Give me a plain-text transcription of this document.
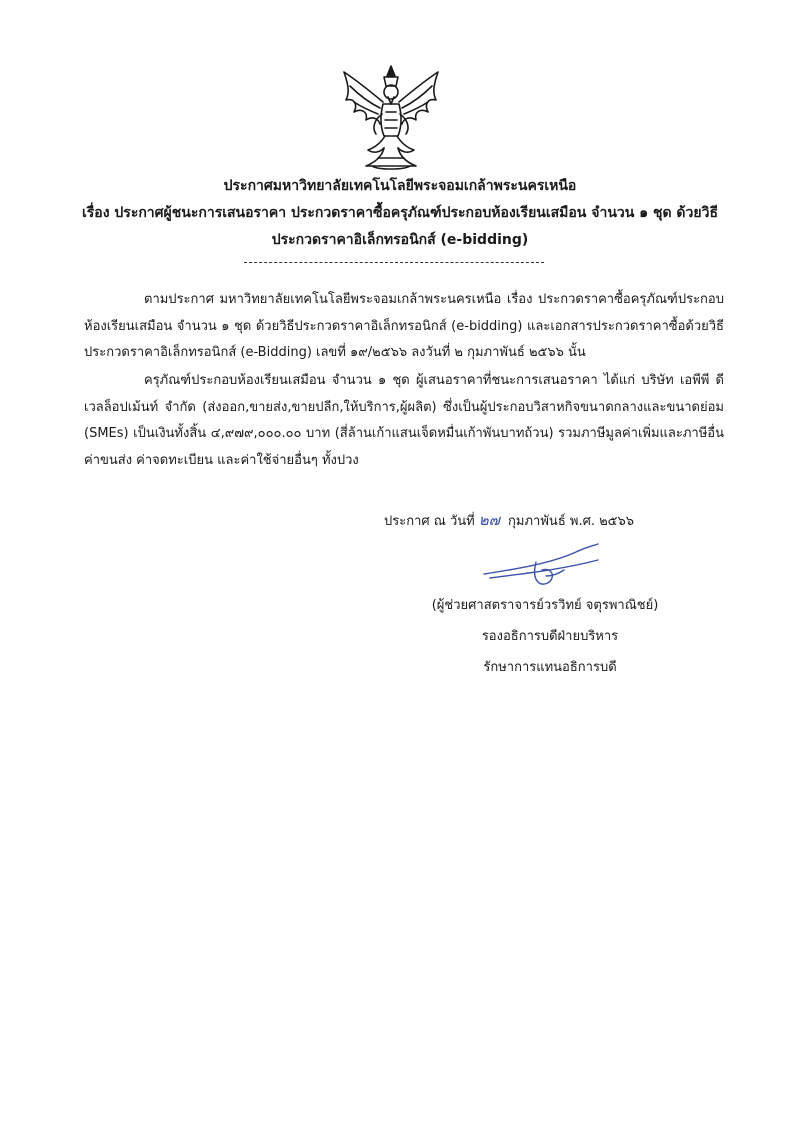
ประกาศมหาวิทยาลัยเทคโนโลยีพระจอมเกล้าพระนครเหนือ
เรื่อง ประกาศผู้ชนะการเสนอราคา ประกวดราคาซื้อครุภัณฑ์ประกอบห้องเรียนเสมือน จำนวน ๑ ชุด ด้วยวิธี
ประกวดราคาอิเล็กทรอนิกส์ (e-bidding)
ตามประกาศ มหาวิทยาลัยเทคโนโลยีพระจอมเกล้าพระนครเหนือ เรื่อง ประกวดราคาซื้อครุภัณฑ์ประกอบห้องเรียนเสมือน จำนวน ๑ ชุด ด้วยวิธีประกวดราคาอิเล็กทรอนิกส์ (e-bidding) และเอกสารประกวดราคาซื้อด้วยวิธีประกวดราคาอิเล็กทรอนิกส์ (e-Bidding) เลขที่ ๑๙/๒๕๖๖ ลงวันที่ ๒ กุมภาพันธ์ ๒๕๖๖ นั้น
ครุภัณฑ์ประกอบห้องเรียนเสมือน จำนวน ๑ ชุด ผู้เสนอราคาที่ชนะการเสนอราคา ได้แก่ บริษัท เอพีพี ดีเวลล็อปเม้นท์ จำกัด (ส่งออก,ขายส่ง,ขายปลีก,ให้บริการ,ผู้ผลิต) ซึ่งเป็นผู้ประกอบวิสาหกิจขนาดกลางและขนาดย่อม (SMEs) เป็นเงินทั้งสิ้น ๔,๙๗๙,๐๐๐.๐๐ บาท (สี่ล้านเก้าแสนเจ็ดหมื่นเก้าพันบาทถ้วน) รวมภาษีมูลค่าเพิ่มและภาษีอื่น ค่าขนส่ง ค่าจดทะเบียน และค่าใช้จ่ายอื่นๆ ทั้งปวง
ประกาศ ณ วันที่ ๒๗ กุมภาพันธ์ พ.ศ. ๒๕๖๖
(ผู้ช่วยศาสตราจารย์วรวิทย์ จตุรพาณิชย์)
รองอธิการบดีฝ่ายบริหาร
รักษาการแทนอธิการบดี
